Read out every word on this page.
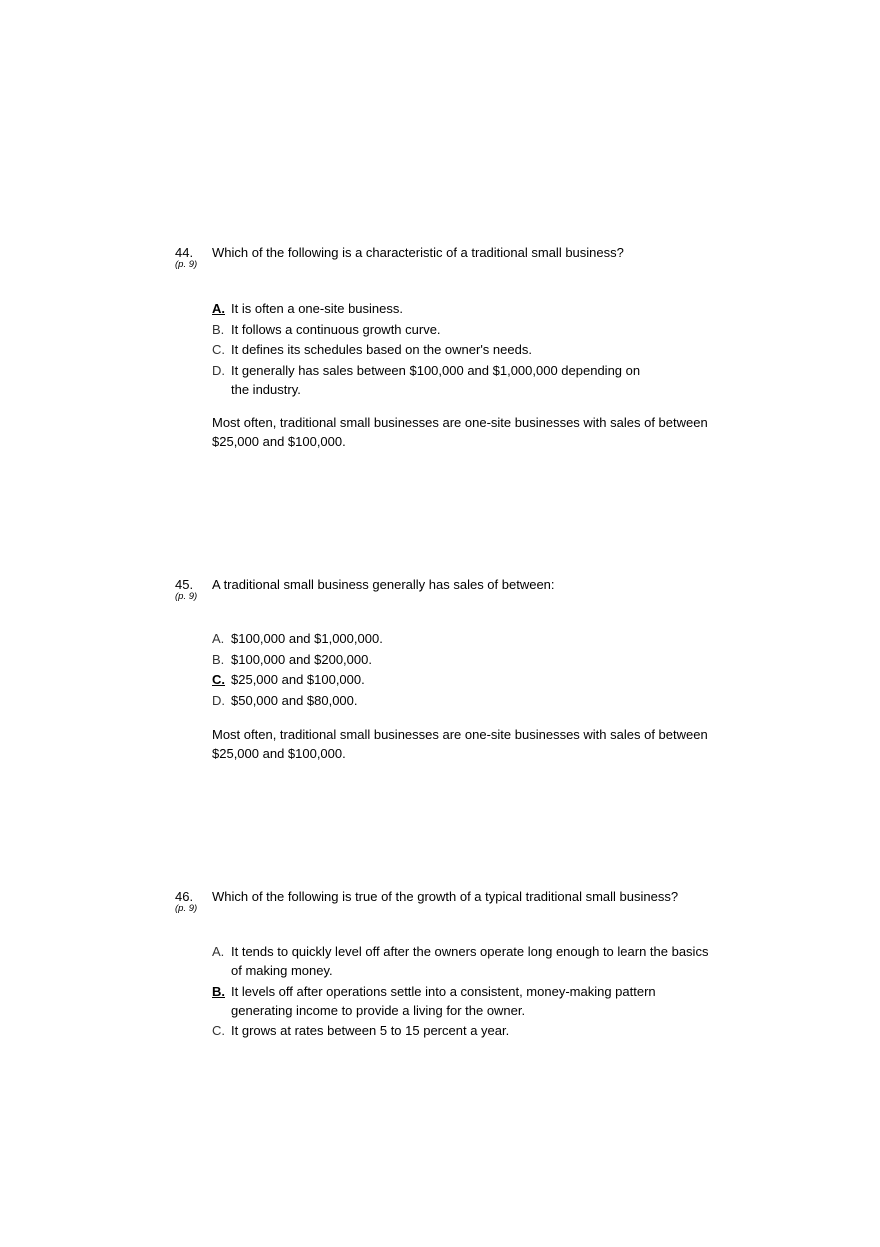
44.
(p. 9)
Which of the following is a characteristic of a traditional small business?
A. It is often a one-site business.
B. It follows a continuous growth curve.
C. It defines its schedules based on the owner's needs.
D. It generally has sales between $100,000 and $1,000,000 depending on the industry.
Most often, traditional small businesses are one-site businesses with sales of between $25,000 and $100,000.
45.
(p. 9)
A traditional small business generally has sales of between:
A. $100,000 and $1,000,000.
B. $100,000 and $200,000.
C. $25,000 and $100,000.
D. $50,000 and $80,000.
Most often, traditional small businesses are one-site businesses with sales of between $25,000 and $100,000.
46.
(p. 9)
Which of the following is true of the growth of a typical traditional small business?
A. It tends to quickly level off after the owners operate long enough to learn the basics of making money.
B. It levels off after operations settle into a consistent, money-making pattern generating income to provide a living for the owner.
C. It grows at rates between 5 to 15 percent a year.
